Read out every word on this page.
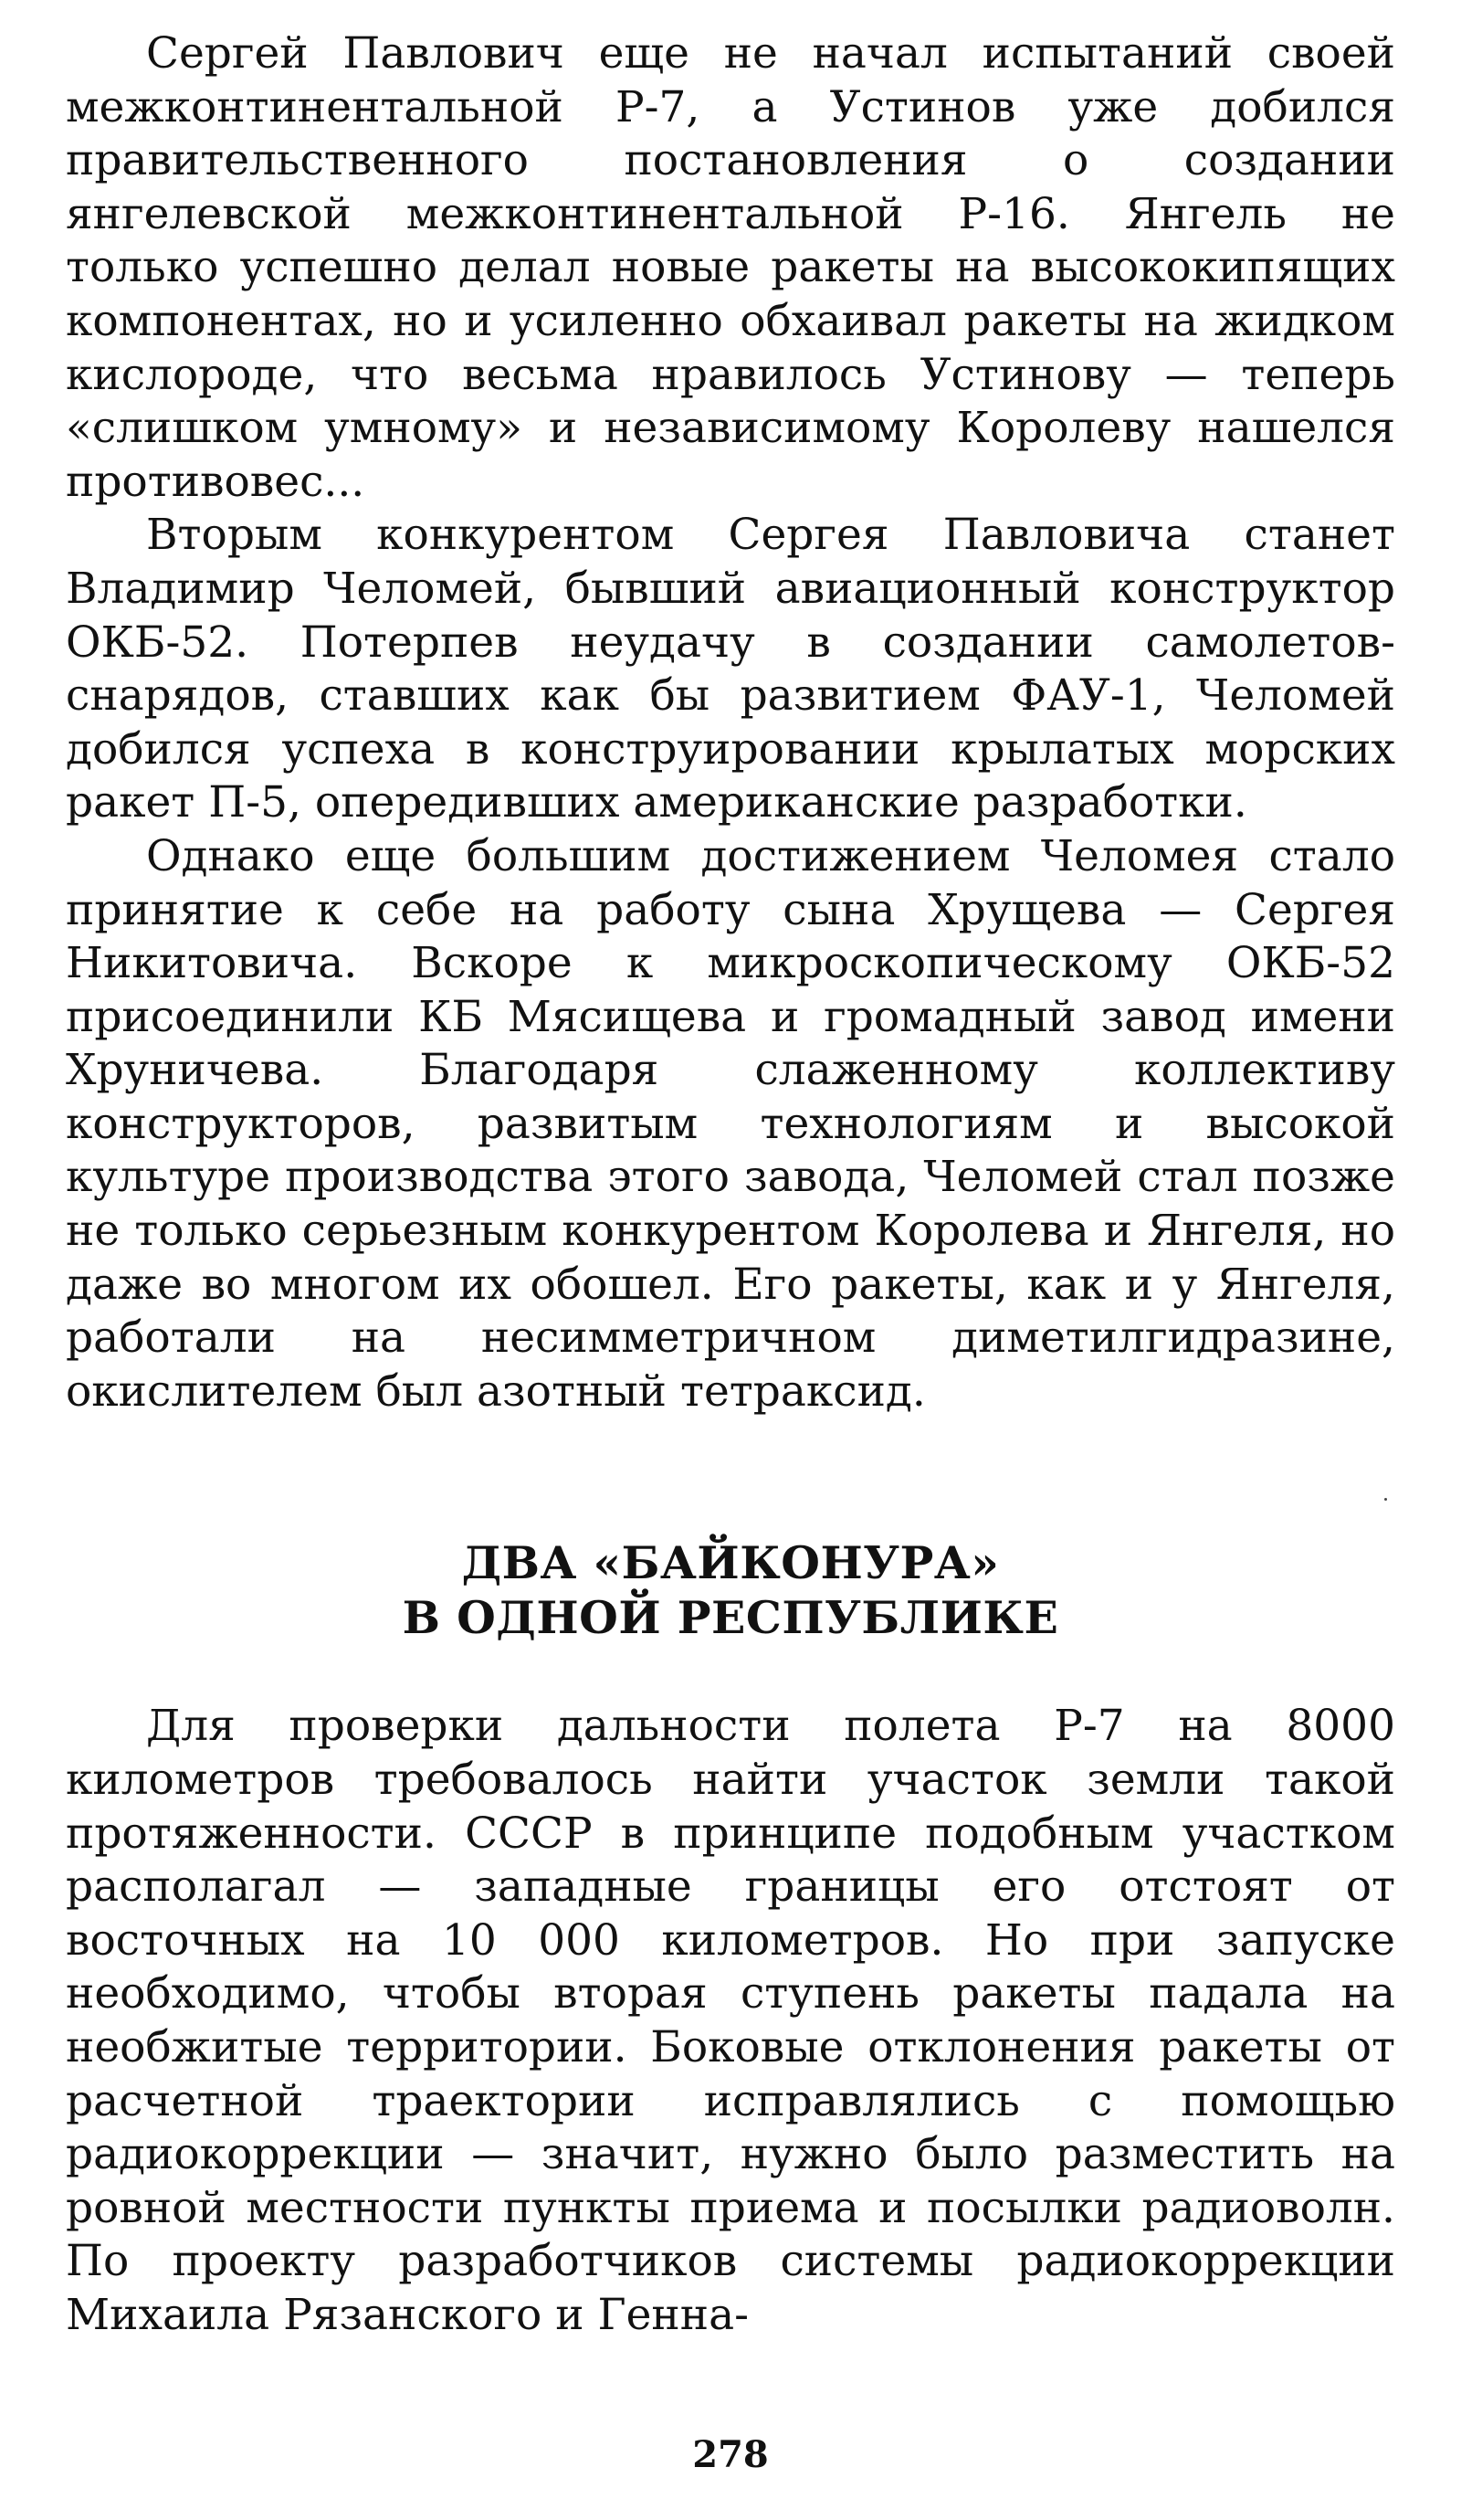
Сергей Павлович еще не начал испытаний своей межконтинентальной Р-7, а Устинов уже добился правительственного постановления о создании янгелевской межконтинентальной Р-16. Янгель не только успешно делал новые ракеты на высококипящих компонентах, но и усиленно обхаивал ракеты на жидком кислороде, что весьма нравилось Устинову — теперь «слишком умному» и независимому Королеву нашелся противовес...

Вторым конкурентом Сергея Павловича станет Владимир Челомей, бывший авиационный конструктор ОКБ-52. Потерпев неудачу в создании самолетов-снарядов, ставших как бы развитием ФАУ-1, Челомей добился успеха в конструировании крылатых морских ракет П-5, опередивших американские разработки.

Однако еще большим достижением Челомея стало принятие к себе на работу сына Хрущева — Сергея Никитовича. Вскоре к микроскопическому ОКБ-52 присоединили КБ Мясищева и громадный завод имени Хруничева. Благодаря слаженному коллективу конструкторов, развитым технологиям и высокой культуре производства этого завода, Челомей стал позже не только серьезным конкурентом Королева и Янгеля, но даже во многом их обошел. Его ракеты, как и у Янгеля, работали на несимметричном диметилгидразине, окислителем был азотный тетраксид.

ДВА «БАЙКОНУРА»
В ОДНОЙ РЕСПУБЛИКЕ

Для проверки дальности полета Р-7 на 8000 километров требовалось найти участок земли такой протяженности. СССР в принципе подобным участком располагал — западные границы его отстоят от восточных на 10 000 километров. Но при запуске необходимо, чтобы вторая ступень ракеты падала на необжитые территории. Боковые отклонения ракеты от расчетной траектории исправлялись с помощью радиокоррекции — значит, нужно было разместить на ровной местности пункты приема и посылки радиоволн. По проекту разработчиков системы радиокоррекции Михаила Рязанского и Генна-

278
